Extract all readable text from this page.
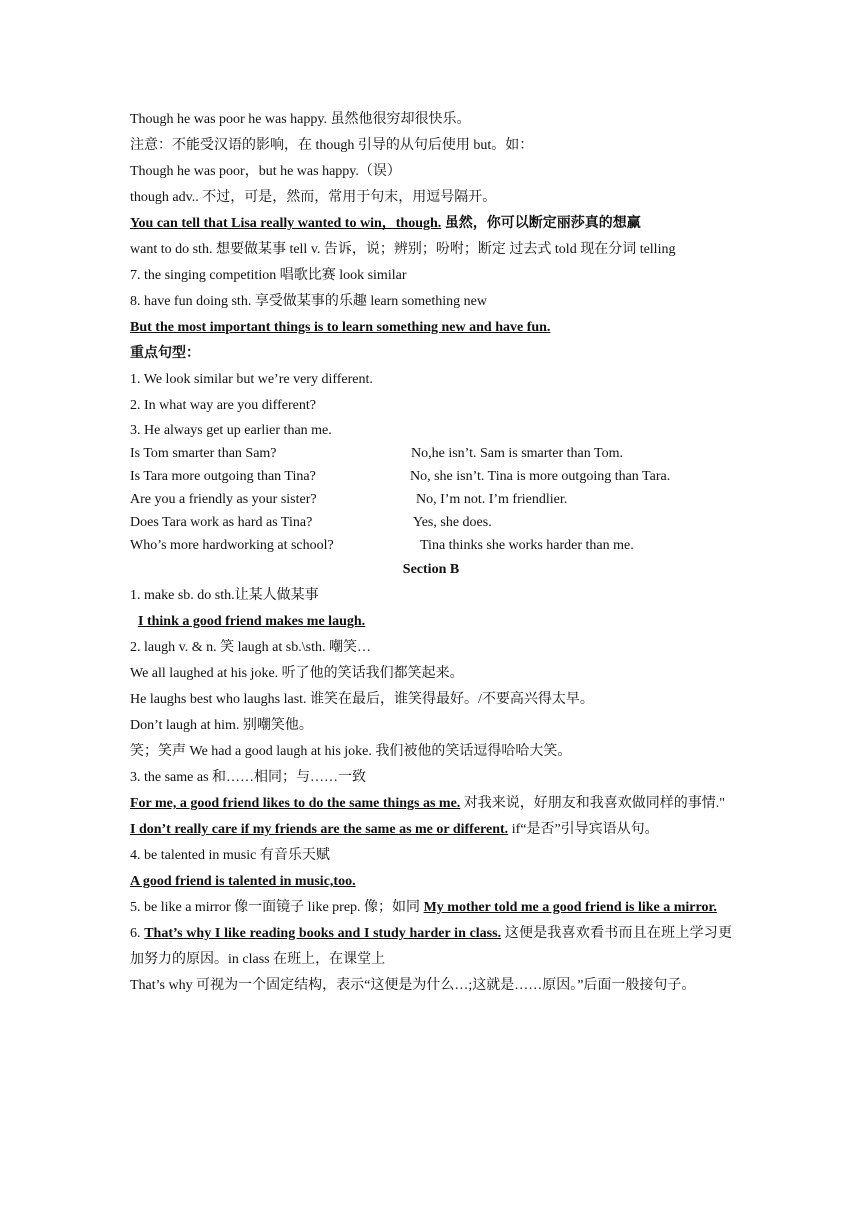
Though he was poor he was happy. 虽然他很穷却很快乐。
注意：不能受汉语的影响，在 though 引导的从句后使用 but。如：
Though he was poor，but he was happy.（误）
though adv.. 不过，可是，然而，常用于句末，用逗号隔开。
You can tell that Lisa really wanted to win，though. 虽然，你可以断定丽莎真的想赢
want to do sth. 想要做某事 tell v. 告诉，说；辨别；吩咐；断定 过去式 told 现在分词 telling
7. the singing competition 唱歌比赛 look similar
8. have fun doing sth. 享受做某事的乐趣 learn something new
But the most important things is to learn something new and have fun.
重点句型：
1. We look similar but we’re very different.
2. In what way are you different?
3. He always get up earlier than me.
Is Tom smarter than Sam?	No,he isn’t. Sam is smarter than Tom.
Is Tara more outgoing than Tina?	No, she isn’t. Tina is more outgoing than Tara.
Are you a friendly as your sister?	No, I’m not. I’m friendlier.
Does Tara work as hard as Tina?	Yes, she does.
Who’s more hardworking at school?	Tina thinks she works harder than me.
Section B
1. make sb. do sth.让某人做某事
I think a good friend makes me laugh.
2. laugh v. & n. 笑 laugh at sb.\sth. 嘲笑…
We all laughed at his joke. 听了他的笑话我们都笑起来。
He laughs best who laughs last. 谁笑在最后，谁笑得最好。/不要高兴得太早。
Don’t laugh at him. 别嘲笑他。
笑；笑声 We had a good laugh at his joke. 我们被他的笑话逗得哈哈大笑。
3. the same as 和……相同；与……一致
For me, a good friend likes to do the same things as me. 对我来说，好朋友和我喜欢做同样的事情."
I don’t really care if my friends are the same as me or different. if“是否”引导宾语从句。
4. be talented in music 有音乐天赋
A good friend is talented in music,too.
5. be like a mirror 像一面镜子 like prep. 像；如同 My mother told me a good friend is like a mirror.
6. That’s why I like reading books and I study harder in class. 这便是我喜欢看书而且在班上学习更加努力的原因。in class 在班上，在课堂上
That’s why 可视为一个固定结构，表示“这便是为什么…;这就是……原因。”后面一般接句子。
